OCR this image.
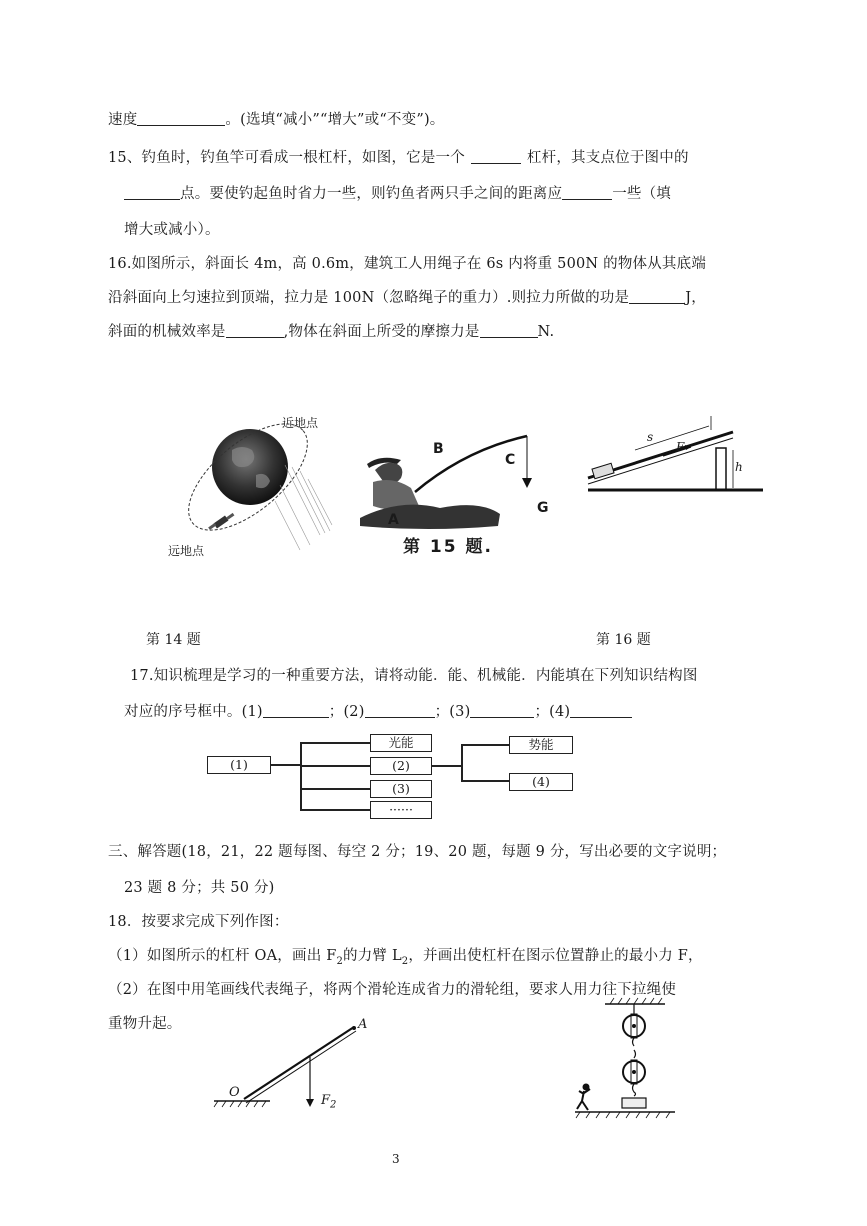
速度	。(选填“减小”“增大”或“不变”)。
15、钓鱼时，钓鱼竿可看成一根杠杆，如图，它是一个	杠杆，其支点位于图中的
点。要使钓起鱼时省力一些，则钓鱼者两只手之间的距离应	一些（填
增大或减小）。
16.如图所示，斜面长 4m，高 0.6m，建筑工人用绳子在 6s 内将重 500N 的物体从其底端
沿斜面向上匀速拉到顶端，拉力是 100N（忽略绳子的重力）.则拉力所做的功是	J，
斜面的机械效率是	,物体在斜面上所受的摩擦力是	N.
近地点
远地点
B
C
A
G
第 15 题.
s
F
h
第 14 题	第 16 题
17.知识梳理是学习的一种重要方法，请将动能．能、机械能．内能填在下列知识结构图
对应的序号框中。(1)	；(2)	；(3)	；(4)
(1)
光能
(2)
(3)
······
势能
(4)
三、解答题(18，21，22 题每图、每空 2 分；19、20 题，每题 9 分，写出必要的文字说明；
23 题 8 分；共 50 分)
18．按要求完成下列作图：
（1）如图所示的杠杆 OA，画出 $F_2$的力臂 $L_2$，并画出使杠杆在图示位置静止的最小力 F，
（2）在图中用笔画线代表绳子，将两个滑轮连成省力的滑轮组，要求人用力往下拉绳使
重物升起。
O
A
$F_2$
3
